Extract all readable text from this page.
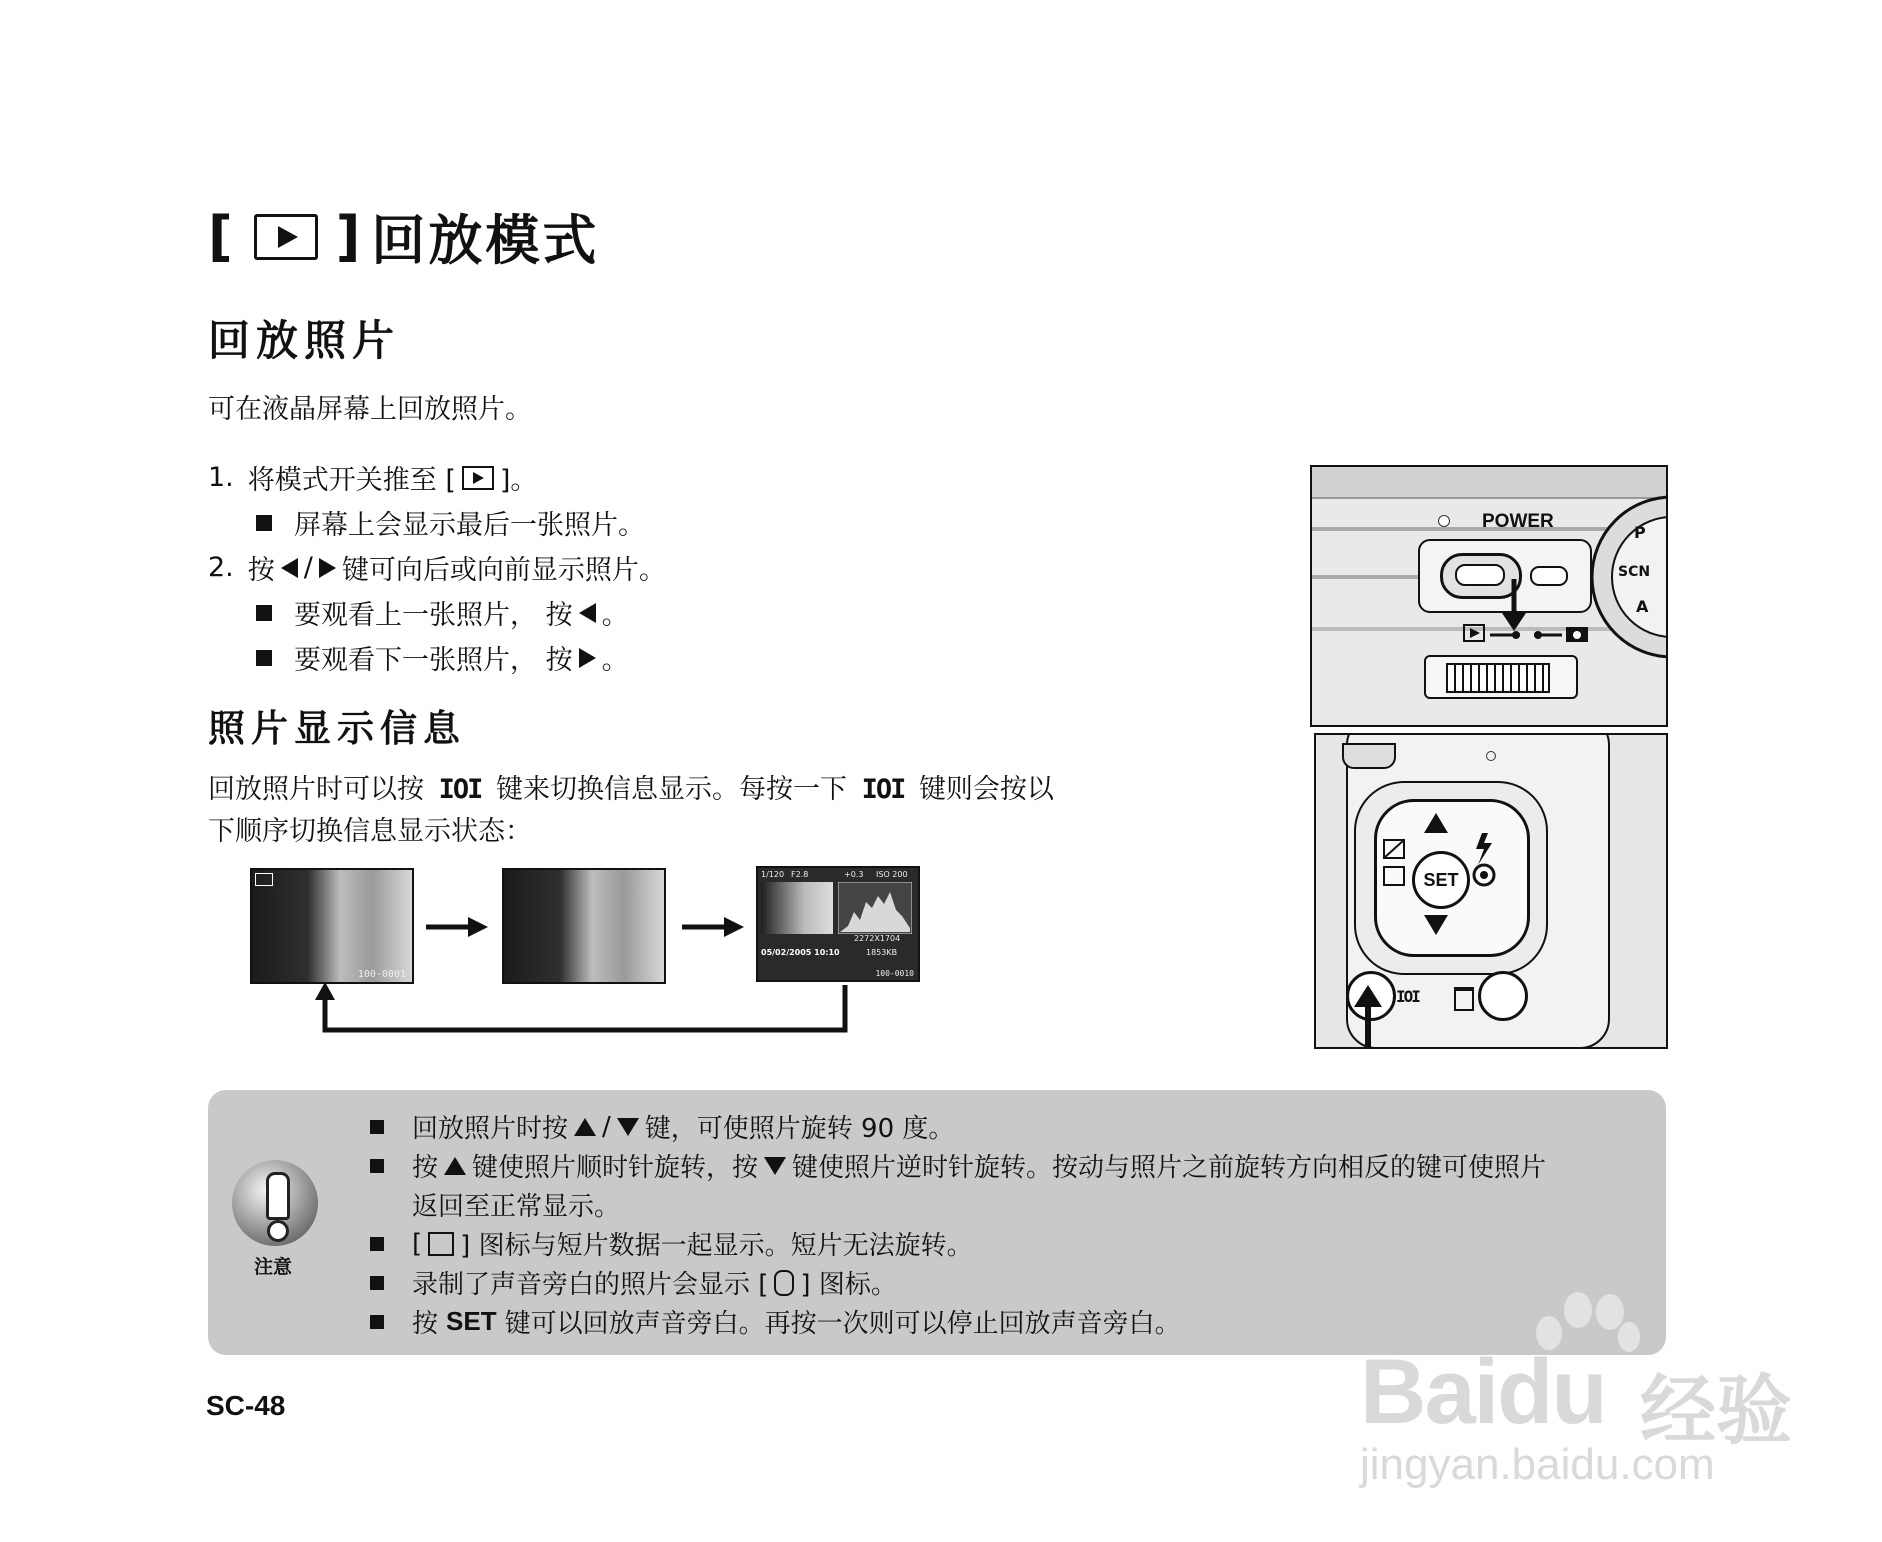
[ ] 回放模式
回放照片
可在液晶屏幕上回放照片。
1. 将模式开关推至 [ ]。
屏幕上会显示最后一张照片。
2. 按 / 键可向后或向前显示照片。
要观看上一张照片， 按 。
要观看下一张照片， 按 。
照片显示信息
回放照片时可以按 IOI 键来切换信息显示。每按一下 IOI 键则会按以
下顺序切换信息显示状态：
100-0001
1/120 F2.8	+0.3 ISO 200
2272X1704
05/02/2005 10:10	1853KB
100-0010
POWER
P
SCN
A
SET
IOI
注意
回放照片时按 / 键，可使照片旋转 90 度。
按 键使照片顺时针旋转，按 键使照片逆时针旋转。按动与照片之前旋转方向相反的键可使照片
返回至正常显示。
[ ] 图标与短片数据一起显示。短片无法旋转。
录制了声音旁白的照片会显示 [ ] 图标。
按 SET 键可以回放声音旁白。再按一次则可以停止回放声音旁白。
SC-48	Baidu 经验
jingyan.baidu.com
